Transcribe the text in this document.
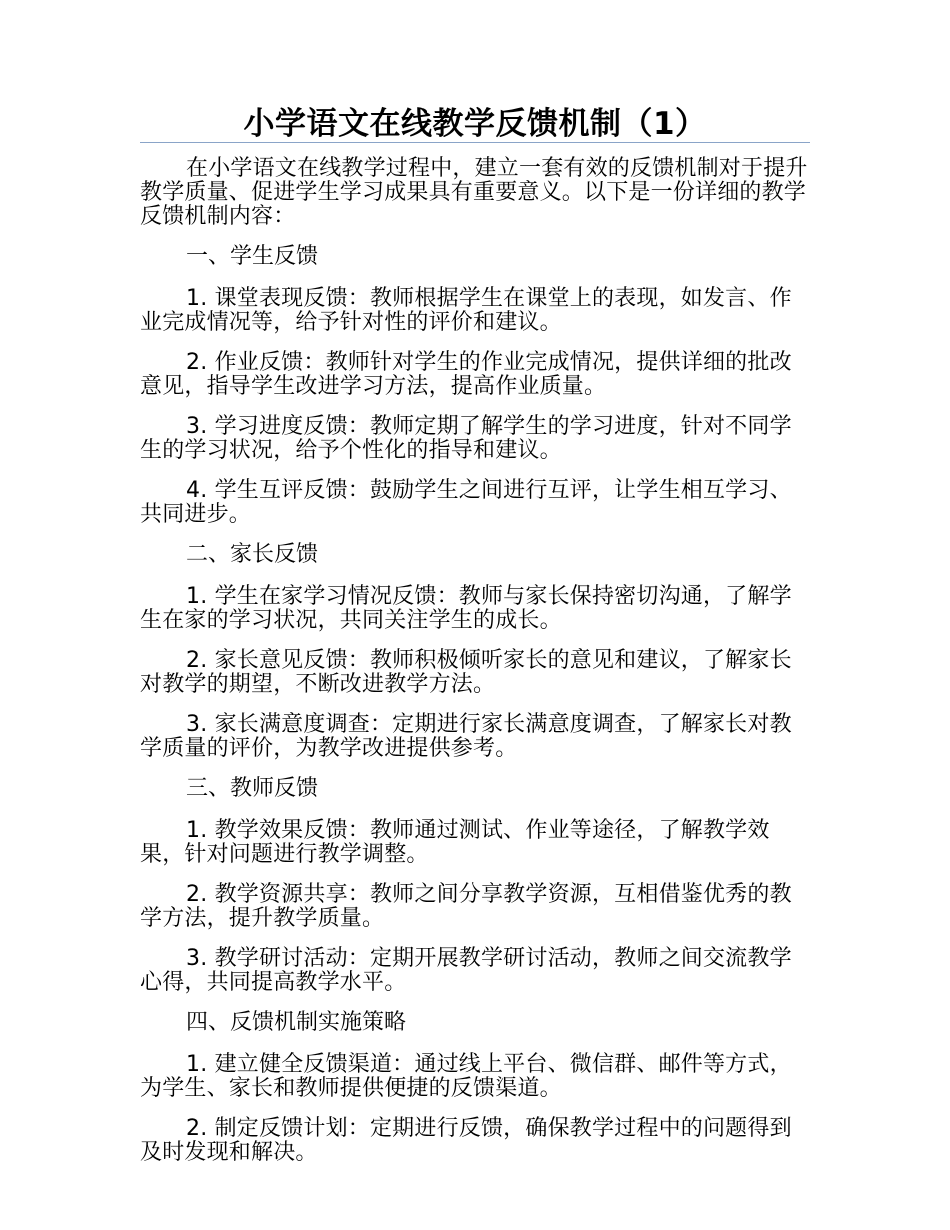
小学语文在线教学反馈机制（1）

在小学语文在线教学过程中，建立一套有效的反馈机制对于提升教学质量、促进学生学习成果具有重要意义。以下是一份详细的教学反馈机制内容：

一、学生反馈

1. 课堂表现反馈：教师根据学生在课堂上的表现，如发言、作业完成情况等，给予针对性的评价和建议。

2. 作业反馈：教师针对学生的作业完成情况，提供详细的批改意见，指导学生改进学习方法，提高作业质量。

3. 学习进度反馈：教师定期了解学生的学习进度，针对不同学生的学习状况，给予个性化的指导和建议。

4. 学生互评反馈：鼓励学生之间进行互评，让学生相互学习、共同进步。

二、家长反馈

1. 学生在家学习情况反馈：教师与家长保持密切沟通，了解学生在家的学习状况，共同关注学生的成长。

2. 家长意见反馈：教师积极倾听家长的意见和建议，了解家长对教学的期望，不断改进教学方法。

3. 家长满意度调查：定期进行家长满意度调查，了解家长对教学质量的评价，为教学改进提供参考。

三、教师反馈

1. 教学效果反馈：教师通过测试、作业等途径，了解教学效果，针对问题进行教学调整。

2. 教学资源共享：教师之间分享教学资源，互相借鉴优秀的教学方法，提升教学质量。

3. 教学研讨活动：定期开展教学研讨活动，教师之间交流教学心得，共同提高教学水平。

四、反馈机制实施策略

1. 建立健全反馈渠道：通过线上平台、微信群、邮件等方式，为学生、家长和教师提供便捷的反馈渠道。

2. 制定反馈计划：定期进行反馈，确保教学过程中的问题得到及时发现和解决。
